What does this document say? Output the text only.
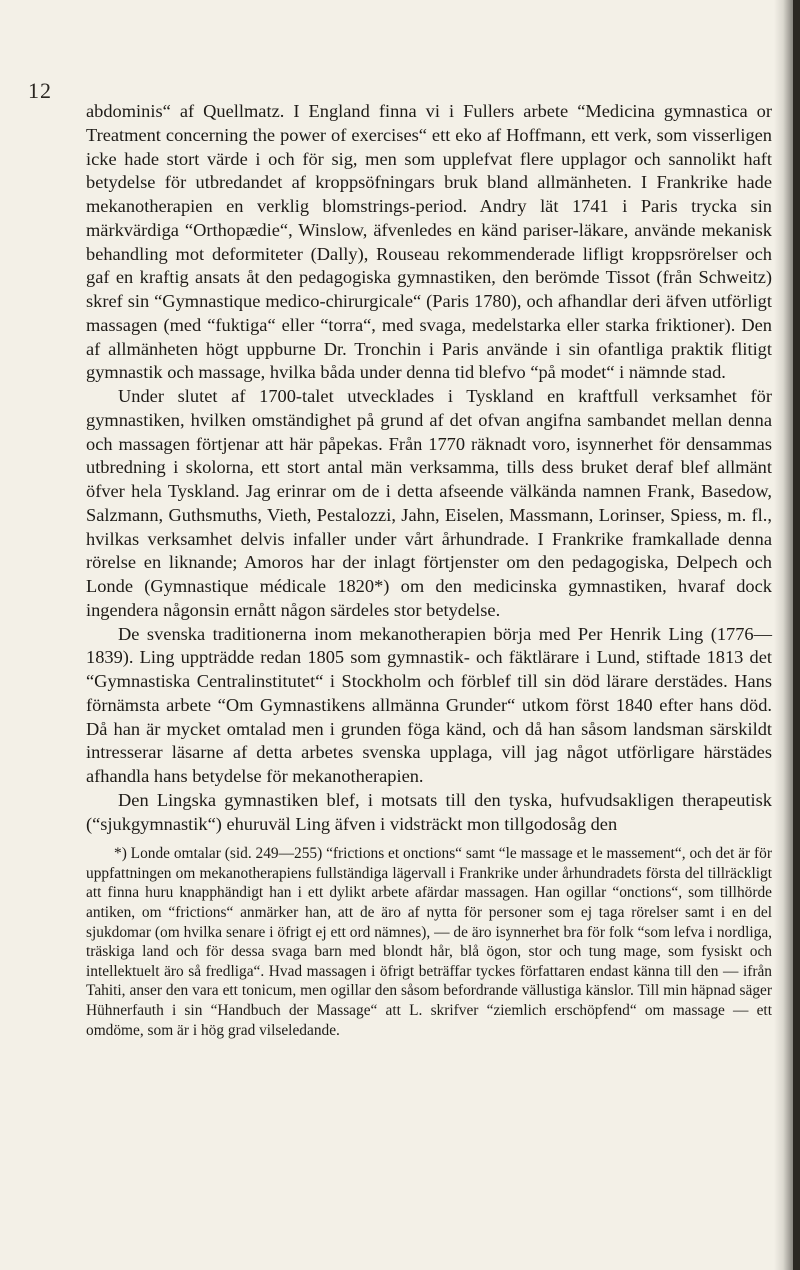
12

abdominis“ af Quellmatz. I England finna vi i Fullers arbete “Medicina gymnastica or Treatment concerning the power of exercises“ ett eko af Hoffmann, ett verk, som visserligen icke hade stort värde i och för sig, men som upplefvat flere upplagor och sannolikt haft betydelse för utbredandet af kroppsöfningars bruk bland allmänheten. I Frankrike hade mekanotherapien en verklig blomstrings-period. Andry lät 1741 i Paris trycka sin märkvärdiga “Orthopædie“, Winslow, äfvenledes en känd pariser-läkare, använde mekanisk behandling mot deformiteter (Dally), Rouseau rekommenderade lifligt kroppsrörelser och gaf en kraftig ansats åt den pedagogiska gymnastiken, den berömde Tissot (från Schweitz) skref sin “Gymnastique medico-chirurgicale“ (Paris 1780), och afhandlar deri äfven utförligt massagen (med “fuktiga“ eller “torra“, med svaga, medelstarka eller starka friktioner). Den af allmänheten högt uppburne Dr. Tronchin i Paris använde i sin ofantliga praktik flitigt gymnastik och massage, hvilka båda under denna tid blefvo “på modet“ i nämnde stad.

Under slutet af 1700-talet utvecklades i Tyskland en kraftfull verksamhet för gymnastiken, hvilken omständighet på grund af det ofvan angifna sambandet mellan denna och massagen förtjenar att här påpekas. Från 1770 räknadt voro, isynnerhet för densammas utbredning i skolorna, ett stort antal män verksamma, tills dess bruket deraf blef allmänt öfver hela Tyskland. Jag erinrar om de i detta afseende välkända namnen Frank, Basedow, Salzmann, Guthsmuths, Vieth, Pestalozzi, Jahn, Eiselen, Massmann, Lorinser, Spiess, m. fl., hvilkas verksamhet delvis infaller under vårt århundrade. I Frankrike framkallade denna rörelse en liknande; Amoros har der inlagt förtjenster om den pedagogiska, Delpech och Londe (Gymnastique médicale 1820*) om den medicinska gymnastiken, hvaraf dock ingendera någonsin ernått någon särdeles stor betydelse.

De svenska traditionerna inom mekanotherapien börja med Per Henrik Ling (1776—1839). Ling uppträdde redan 1805 som gymnastik- och fäktlärare i Lund, stiftade 1813 det “Gymnastiska Centralinstitutet“ i Stockholm och förblef till sin död lärare derstädes. Hans förnämsta arbete “Om Gymnastikens allmänna Grunder“ utkom först 1840 efter hans död. Då han är mycket omtalad men i grunden föga känd, och då han såsom landsman särskildt intresserar läsarne af detta arbetes svenska upplaga, vill jag något utförligare härstädes afhandla hans betydelse för mekanotherapien.

Den Lingska gymnastiken blef, i motsats till den tyska, hufvudsakligen therapeutisk (“sjukgymnastik“) ehuruväl Ling äfven i vidsträckt mon tillgodosåg den

*) Londe omtalar (sid. 249—255) “frictions et onctions“ samt “le massage et le massement“, och det är för uppfattningen om mekanotherapiens fullständiga lägervall i Frankrike under århundradets första del tillräckligt att finna huru knapphändigt han i ett dylikt arbete afärdar massagen. Han ogillar “onctions“, som tillhörde antiken, om “frictions“ anmärker han, att de äro af nytta för personer som ej taga rörelser samt i en del sjukdomar (om hvilka senare i öfrigt ej ett ord nämnes), — de äro isynnerhet bra för folk “som lefva i nordliga, träskiga land och för dessa svaga barn med blondt hår, blå ögon, stor och tung mage, som fysiskt och intellektuelt äro så fredliga“. Hvad massagen i öfrigt beträffar tyckes författaren endast känna till den — ifrån Tahiti, anser den vara ett tonicum, men ogillar den såsom befordrande vällustiga känslor. Till min häpnad säger Hühnerfauth i sin “Handbuch der Massage“ att L. skrifver “ziemlich erschöpfend“ om massage — ett omdöme, som är i hög grad vilseledande.
